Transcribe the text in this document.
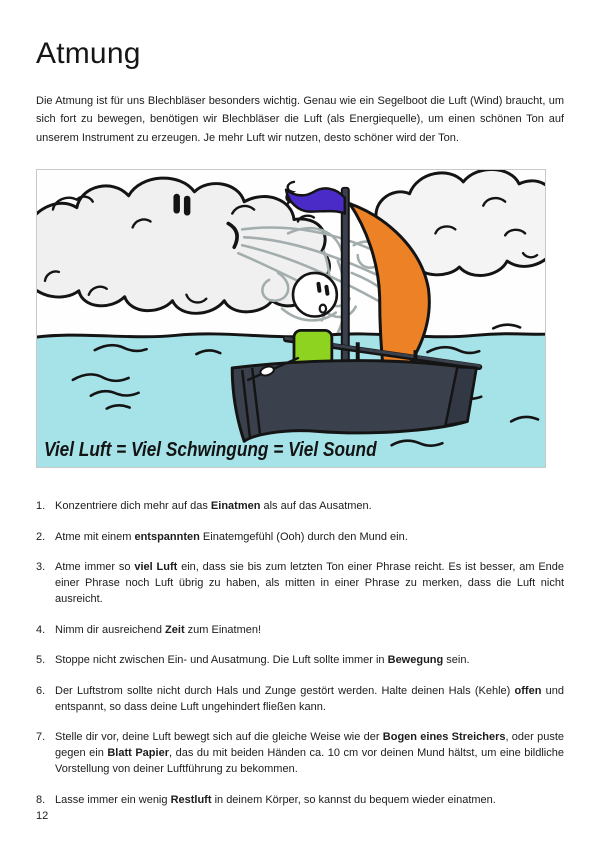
Atmung

Die Atmung ist für uns Blechbläser besonders wichtig. Genau wie ein Segelboot die Luft (Wind) braucht, um sich fort zu bewegen, benötigen wir Blechbläser die Luft (als Energiequelle), um einen schönen Ton auf unserem Instrument zu erzeugen. Je mehr Luft wir nutzen, desto schöner wird der Ton.

Viel Luft = Viel Schwingung = Viel Sound
1. Konzentriere dich mehr auf das Einatmen als auf das Ausatmen.
2. Atme mit einem entspannten Einatemgefühl (Ooh) durch den Mund ein.
3. Atme immer so viel Luft ein, dass sie bis zum letzten Ton einer Phrase reicht. Es ist besser, am Ende einer Phrase noch Luft übrig zu haben, als mitten in einer Phrase zu merken, dass die Luft nicht ausreicht.
4. Nimm dir ausreichend Zeit zum Einatmen!
5. Stoppe nicht zwischen Ein- und Ausatmung. Die Luft sollte immer in Bewegung sein.
6. Der Luftstrom sollte nicht durch Hals und Zunge gestört werden. Halte deinen Hals (Kehle) offen und entspannt, so dass deine Luft ungehindert fließen kann.
7. Stelle dir vor, deine Luft bewegt sich auf die gleiche Weise wie der Bogen eines Streichers, oder puste gegen ein Blatt Papier, das du mit beiden Händen ca. 10 cm vor deinen Mund hältst, um eine bildliche Vorstellung von deiner Luftführung zu bekommen.
8. Lasse immer ein wenig Restluft in deinem Körper, so kannst du bequem wieder einatmen.
12
